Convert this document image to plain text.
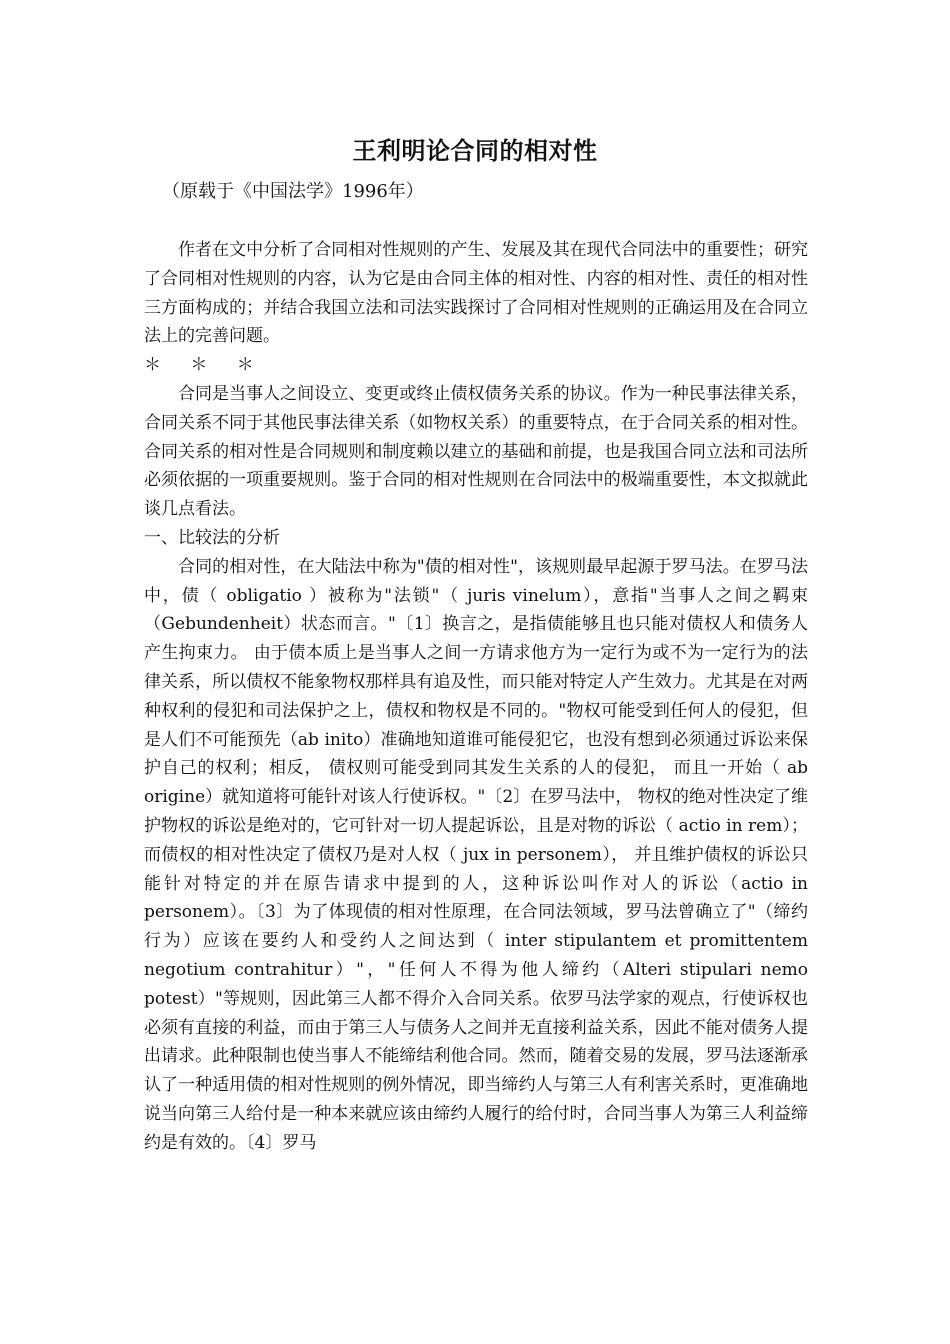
王利明论合同的相对性

（原载于《中国法学》1996年）

作者在文中分析了合同相对性规则的产生、发展及其在现代合同法中的重要性；研究了合同相对性规则的内容，认为它是由合同主体的相对性、内容的相对性、责任的相对性三方面构成的；并结合我国立法和司法实践探讨了合同相对性规则的正确运用及在合同立法上的完善问题。

＊ ＊ ＊

合同是当事人之间设立、变更或终止债权债务关系的协议。作为一种民事法律关系，合同关系不同于其他民事法律关系（如物权关系）的重要特点，在于合同关系的相对性。合同关系的相对性是合同规则和制度赖以建立的基础和前提，也是我国合同立法和司法所必须依据的一项重要规则。鉴于合同的相对性规则在合同法中的极端重要性，本文拟就此谈几点看法。

一、比较法的分析

合同的相对性，在大陆法中称为"债的相对性"，该规则最早起源于罗马法。在罗马法中，债（ obligatio ）被称为"法锁"（ juris vinelum），意指"当事人之间之羁束（Gebundenheit）状态而言。"〔1〕换言之，是指债能够且也只能对债权人和债务人产生拘束力。 由于债本质上是当事人之间一方请求他方为一定行为或不为一定行为的法律关系，所以债权不能象物权那样具有追及性，而只能对特定人产生效力。尤其是在对两种权利的侵犯和司法保护之上，债权和物权是不同的。"物权可能受到任何人的侵犯，但是人们不可能预先（ab inito）准确地知道谁可能侵犯它，也没有想到必须通过诉讼来保护自己的权利；相反， 债权则可能受到同其发生关系的人的侵犯， 而且一开始（ ab origine）就知道将可能针对该人行使诉权。"〔2〕在罗马法中， 物权的绝对性决定了维护物权的诉讼是绝对的，它可针对一切人提起诉讼，且是对物的诉讼（ actio in rem）；而债权的相对性决定了债权乃是对人权（ jux in personem）， 并且维护债权的诉讼只能针对特定的并在原告请求中提到的人，这种诉讼叫作对人的诉讼（actio in personem）。〔3〕为了体现债的相对性原理，在合同法领域，罗马法曾确立了"（缔约行为）应该在要约人和受约人之间达到（ inter stipulantem et promittentem negotium contrahitur）"，"任何人不得为他人缔约（Alteri stipulari nemo potest）"等规则，因此第三人都不得介入合同关系。依罗马法学家的观点，行使诉权也必须有直接的利益，而由于第三人与债务人之间并无直接利益关系，因此不能对债务人提出请求。此种限制也使当事人不能缔结利他合同。然而，随着交易的发展，罗马法逐渐承认了一种适用债的相对性规则的例外情况，即当缔约人与第三人有利害关系时，更准确地说当向第三人给付是一种本来就应该由缔约人履行的给付时，合同当事人为第三人利益缔约是有效的。〔4〕罗马
